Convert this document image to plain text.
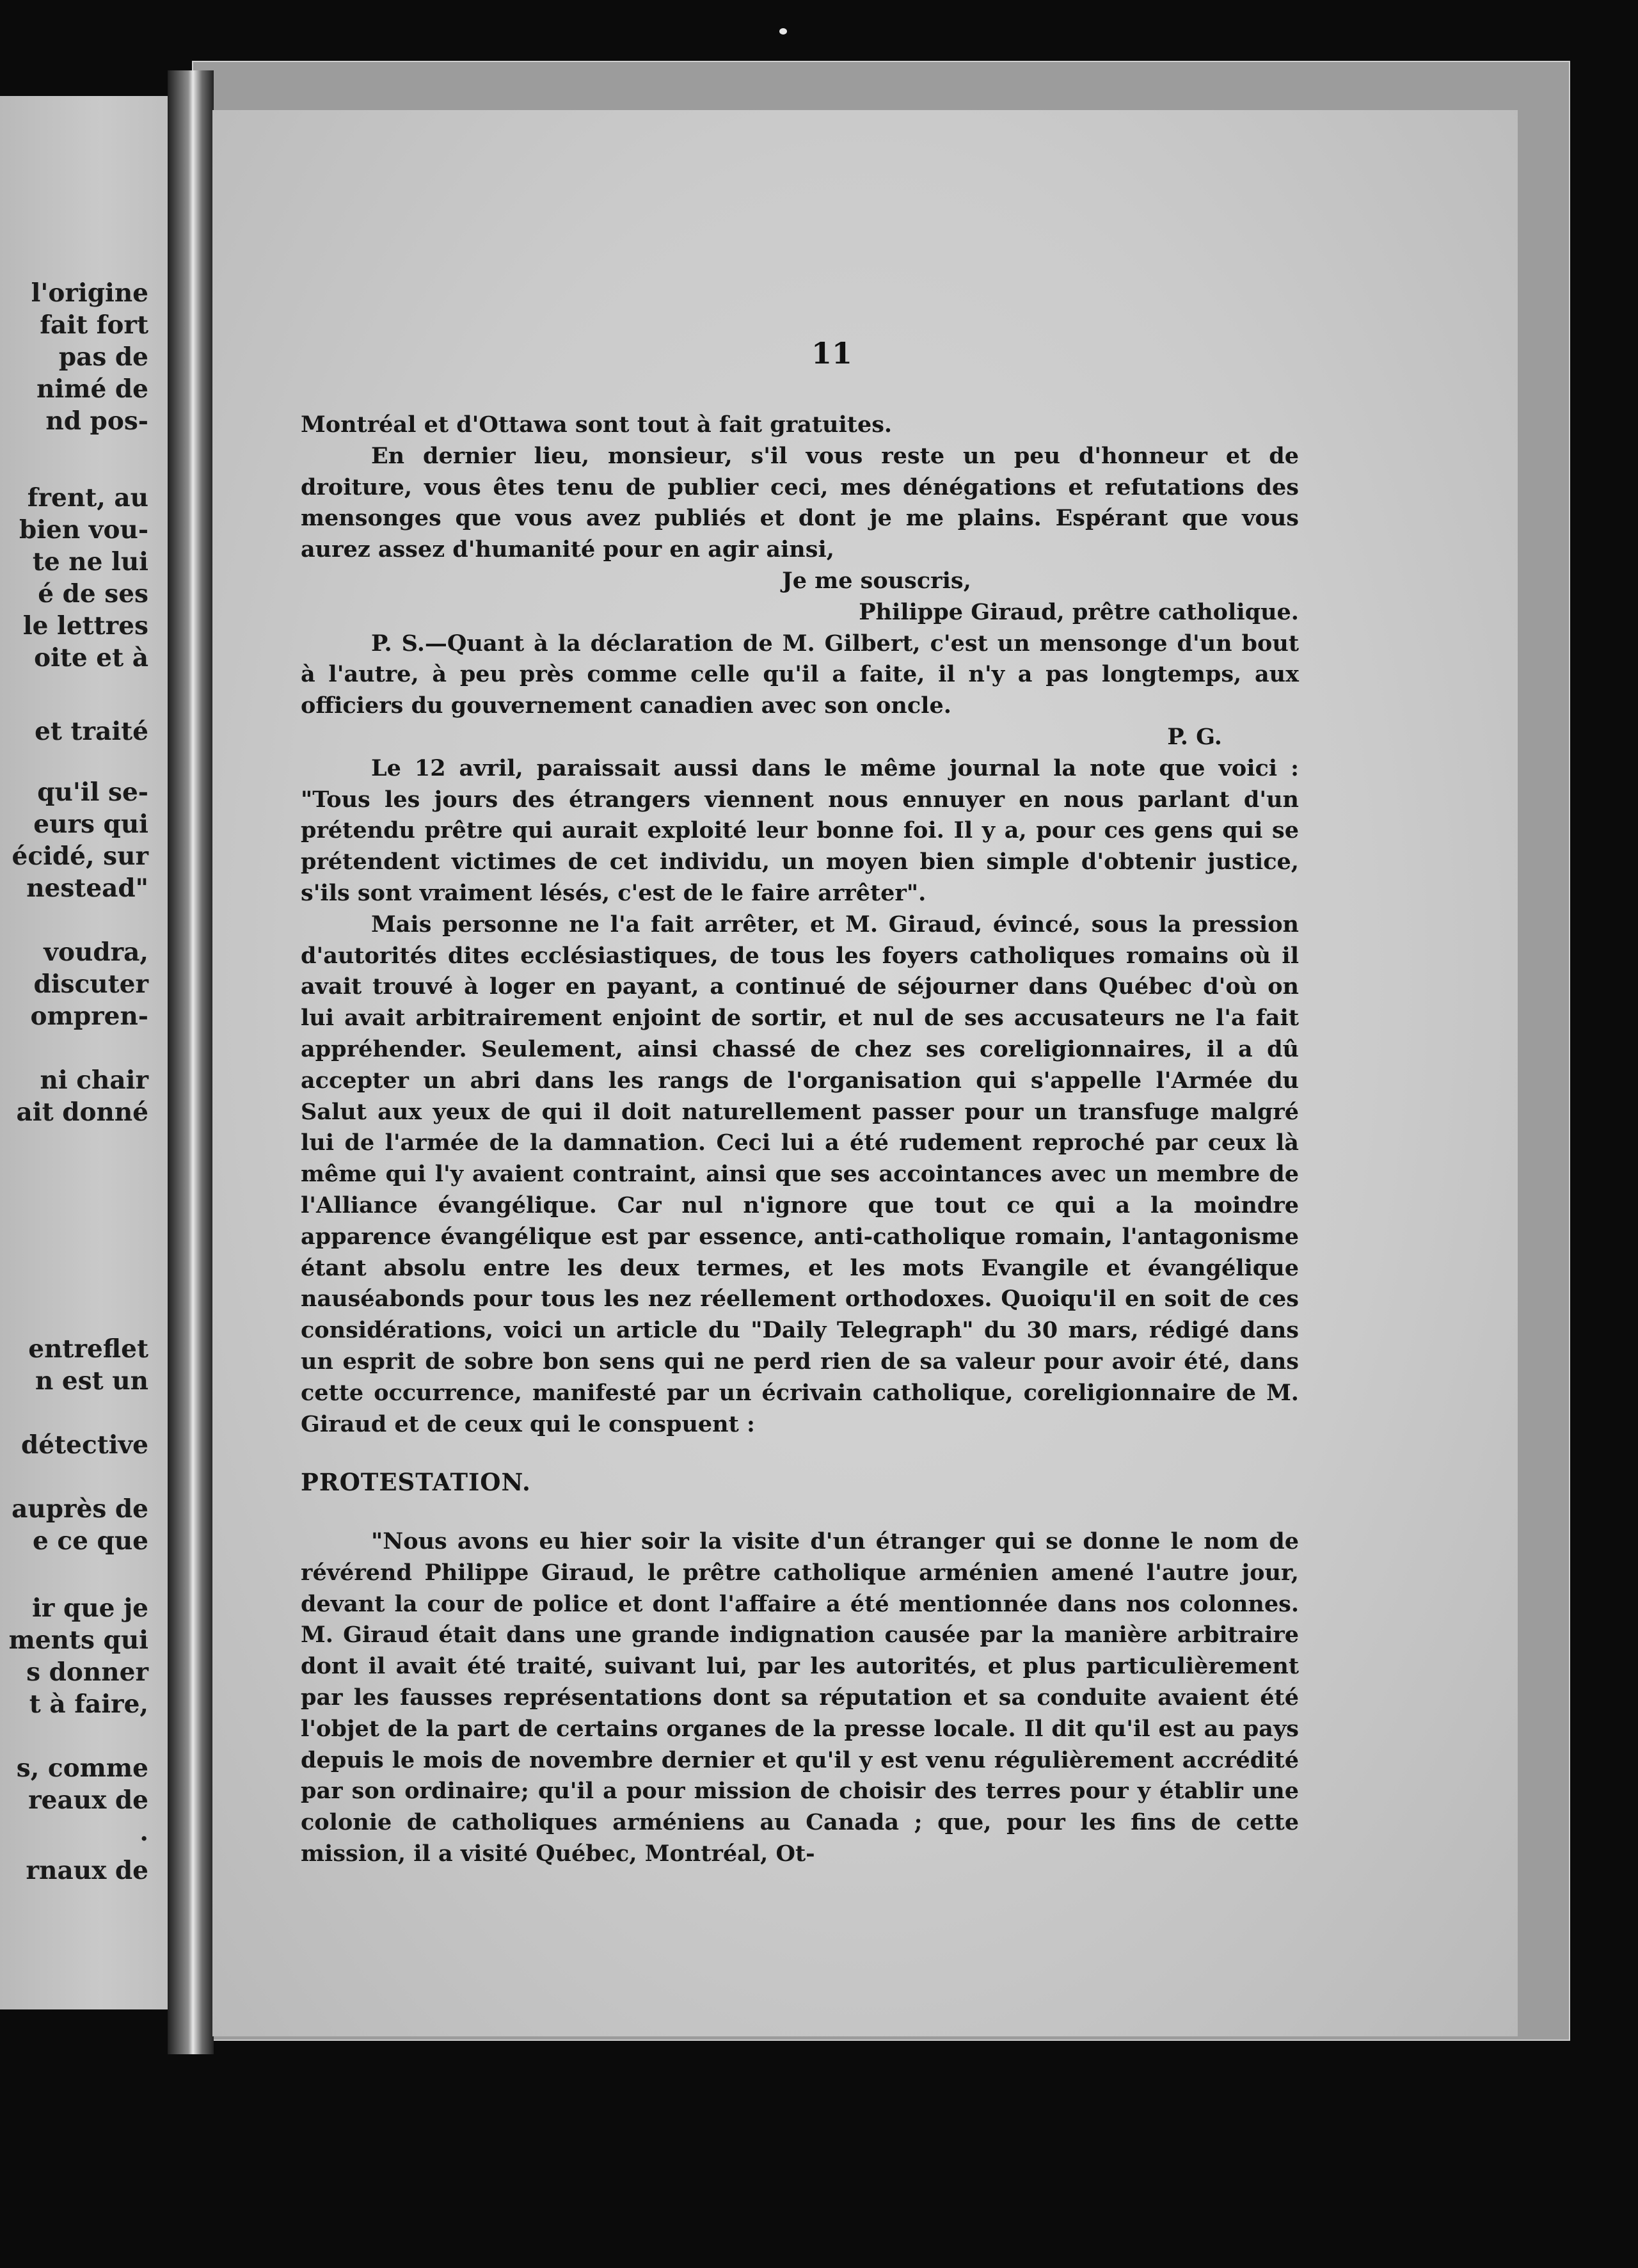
l'origine
fait fort
pas de
nimé de
nd pos-
frent, au
bien vou-
te ne lui
é de ses
le lettres
oite et à
et traité
qu'il se-
eurs qui
écidé, sur
nestead"
voudra,
discuter
ompren-
ni chair
ait donné
entreflet
n est un
détective
auprès de
e ce que
ir que je
ments qui
s donner
t à faire,
s, comme
reaux de
.
rnaux de
11

Montréal et d'Ottawa sont tout à fait gratuites.

En dernier lieu, monsieur, s'il vous reste un peu d'honneur et de droiture, vous êtes tenu de publier ceci, mes dénégations et refutations des mensonges que vous avez publiés et dont je me plains. Espérant que vous aurez assez d'humanité pour en agir ainsi,

Je me souscris,

Philippe Giraud, prêtre catholique.

P. S.—Quant à la déclaration de M. Gilbert, c'est un mensonge d'un bout à l'autre, à peu près comme celle qu'il a faite, il n'y a pas longtemps, aux officiers du gouvernement canadien avec son oncle.

P. G.

Le 12 avril, paraissait aussi dans le même journal la note que voici : "Tous les jours des étrangers viennent nous ennuyer en nous parlant d'un prétendu prêtre qui aurait exploité leur bonne foi. Il y a, pour ces gens qui se prétendent victimes de cet individu, un moyen bien simple d'obtenir justice, s'ils sont vraiment lésés, c'est de le faire arrêter".

Mais personne ne l'a fait arrêter, et M. Giraud, évincé, sous la pression d'autorités dites ecclésiastiques, de tous les foyers catholiques romains où il avait trouvé à loger en payant, a continué de séjourner dans Québec d'où on lui avait arbitrairement enjoint de sortir, et nul de ses accusateurs ne l'a fait appréhender. Seulement, ainsi chassé de chez ses coreligionnaires, il a dû accepter un abri dans les rangs de l'organisation qui s'appelle l'Armée du Salut aux yeux de qui il doit naturellement passer pour un transfuge malgré lui de l'armée de la damnation. Ceci lui a été rudement reproché par ceux là même qui l'y avaient contraint, ainsi que ses accointances avec un membre de l'Alliance évangélique. Car nul n'ignore que tout ce qui a la moindre apparence évangélique est par essence, anti-catholique romain, l'antagonisme étant absolu entre les deux termes, et les mots Evangile et évangélique nauséabonds pour tous les nez réellement orthodoxes. Quoiqu'il en soit de ces considérations, voici un article du "Daily Telegraph" du 30 mars, rédigé dans un esprit de sobre bon sens qui ne perd rien de sa valeur pour avoir été, dans cette occurrence, manifesté par un écrivain catholique, coreligionnaire de M. Giraud et de ceux qui le conspuent :

PROTESTATION.

"Nous avons eu hier soir la visite d'un étranger qui se donne le nom de révérend Philippe Giraud, le prêtre catholique arménien amené l'autre jour, devant la cour de police et dont l'affaire a été mentionnée dans nos colonnes. M. Giraud était dans une grande indignation causée par la manière arbitraire dont il avait été traité, suivant lui, par les autorités, et plus particulièrement par les fausses représentations dont sa réputation et sa conduite avaient été l'objet de la part de certains organes de la presse locale. Il dit qu'il est au pays depuis le mois de novembre dernier et qu'il y est venu régulièrement accrédité par son ordinaire; qu'il a pour mission de choisir des terres pour y établir une colonie de catholiques arméniens au Canada ; que, pour les fins de cette mission, il a visité Québec, Montréal, Ot-
